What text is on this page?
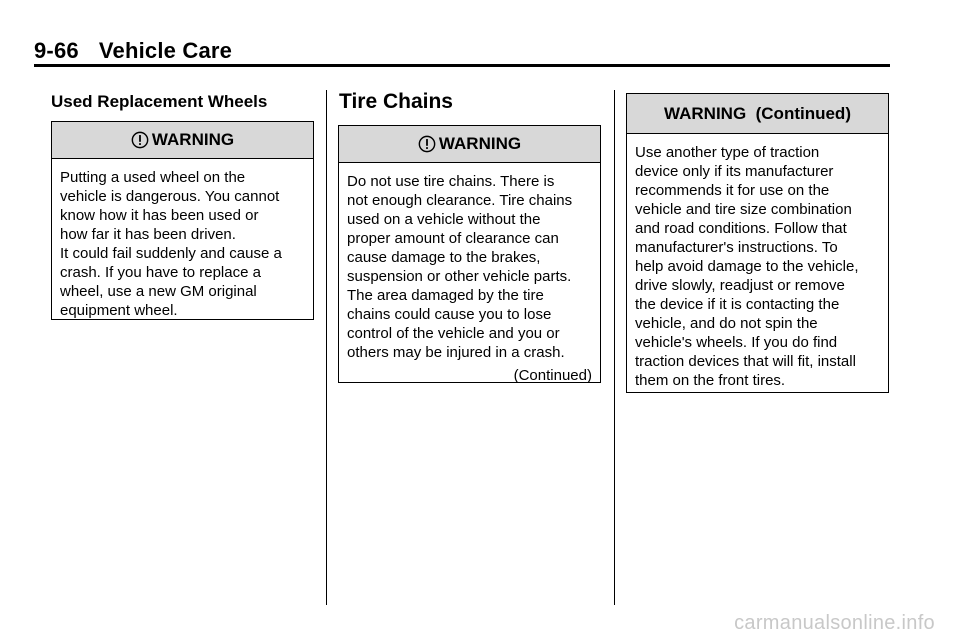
9-66 Vehicle Care
Used Replacement Wheels
WARNING

Putting a used wheel on the

vehicle is dangerous. You cannot

know how it has been used or

how far it has been driven.

It could fail suddenly and cause a

crash. If you have to replace a

wheel, use a new GM original

equipment wheel.

Tire Chains
WARNING

Do not use tire chains. There is

not enough clearance. Tire chains

used on a vehicle without the

proper amount of clearance can

cause damage to the brakes,

suspension or other vehicle parts.

The area damaged by the tire

chains could cause you to lose

control of the vehicle and you or

others may be injured in a crash.

(Continued)
WARNING  (Continued)

Use another type of traction

device only if its manufacturer

recommends it for use on the

vehicle and tire size combination

and road conditions. Follow that

manufacturer's instructions. To

help avoid damage to the vehicle,

drive slowly, readjust or remove

the device if it is contacting the

vehicle, and do not spin the

vehicle's wheels. If you do find

traction devices that will fit, install

them on the front tires.

carmanualsonline.info
